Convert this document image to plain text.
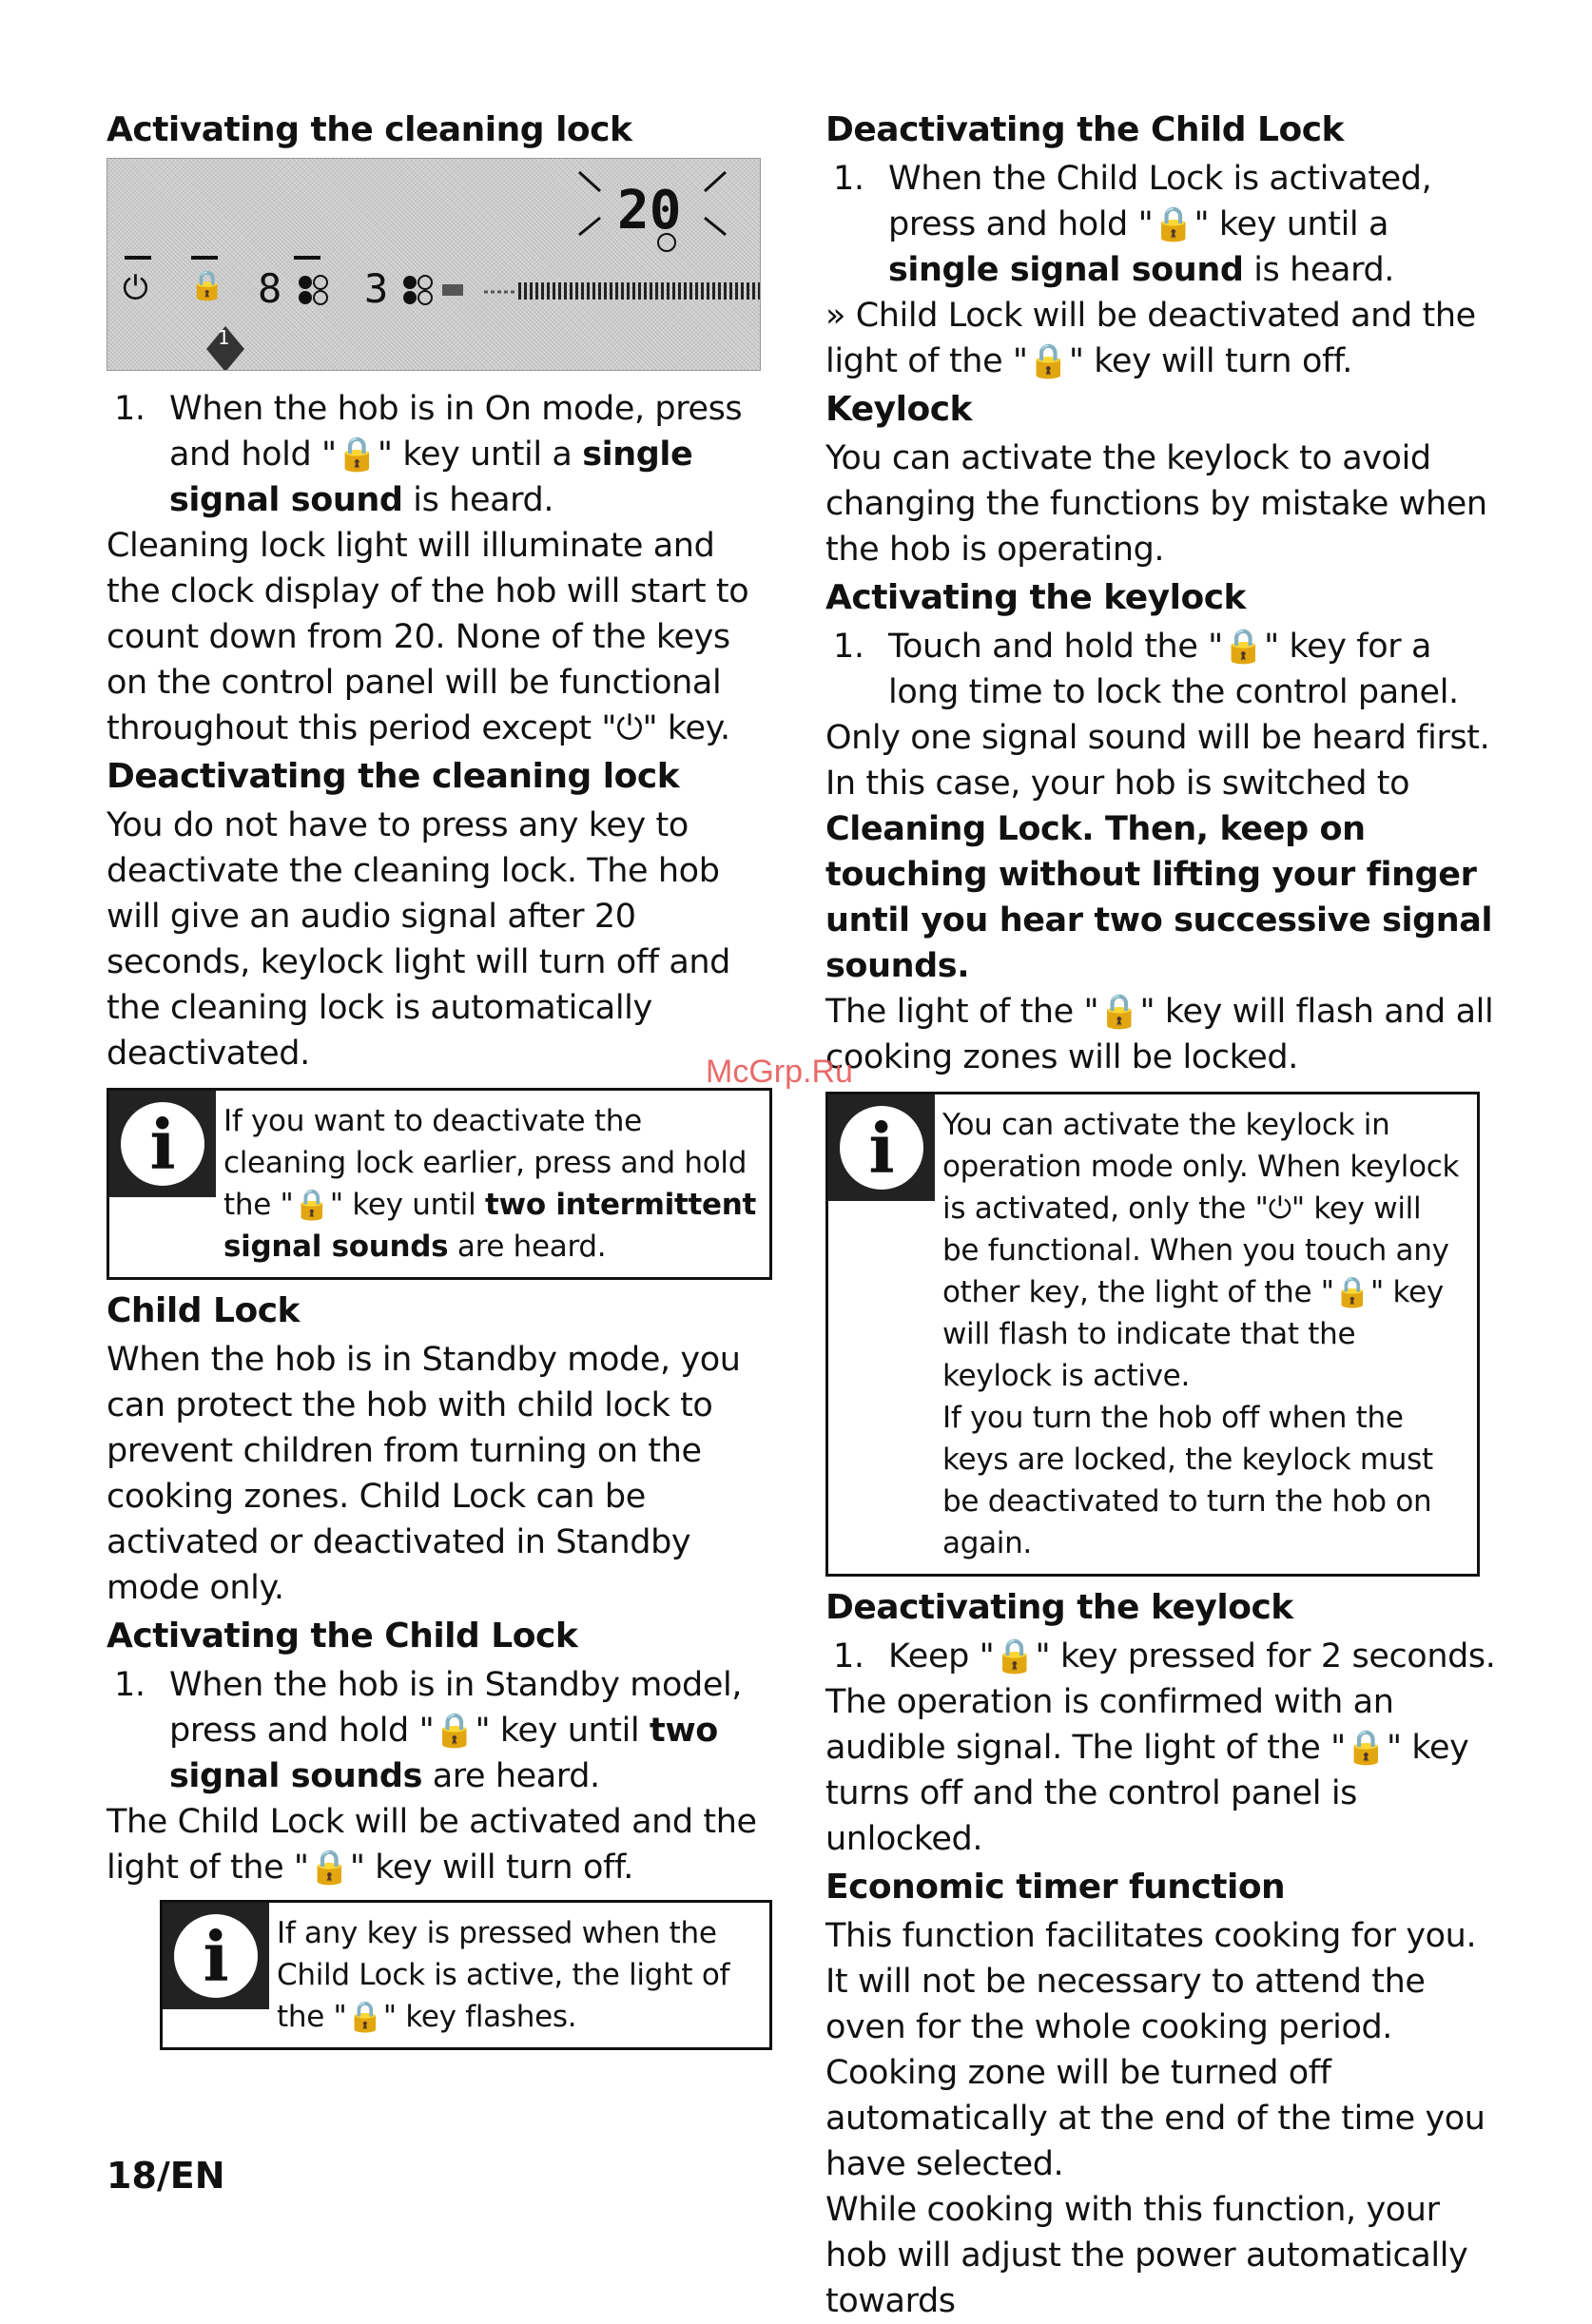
Activating the cleaning lock
20
⏻ 🔒 8 3
1
1. When the hob is in On mode, press and hold "🔒" key until a single signal sound is heard.

Cleaning lock light will illuminate and the clock display of the hob will start to count down from 20. None of the keys on the control panel will be functional throughout this period except "⏻" key.

Deactivating the cleaning lock

You do not have to press any key to deactivate the cleaning lock. The hob will give an audio signal after 20 seconds, keylock light will turn off and the cleaning lock is automatically deactivated.

i	If you want to deactivate the cleaning lock earlier, press and hold the "🔒" key until two intermittent signal sounds are heard.
Child Lock

When the hob is in Standby mode, you can protect the hob with child lock to prevent children from turning on the cooking zones. Child Lock can be activated or deactivated in Standby mode only.

Activating the Child Lock
1. When the hob is in Standby model, press and hold "🔒" key until two signal sounds are heard.

The Child Lock will be activated and the light of the "🔒" key will turn off.

i	If any key is pressed when the Child Lock is active, the light of the "🔒" key flashes.
Deactivating the Child Lock
1. When the Child Lock is activated, press and hold "🔒" key until a single signal sound is heard.

» Child Lock will be deactivated and the light of the "🔒" key will turn off.

Keylock

You can activate the keylock to avoid changing the functions by mistake when the hob is operating.

Activating the keylock
1. Touch and hold the "🔒" key for a long time to lock the control panel.

Only one signal sound will be heard first. In this case, your hob is switched to Cleaning Lock. Then, keep on touching without lifting your finger until you hear two successive signal sounds.

The light of the "🔒" key will flash and all cooking zones will be locked.

i	You can activate the keylock in operation mode only. When keylock is activated, only the "⏻" key will be functional. When you touch any other key, the light of the "🔒" key will flash to indicate that the keylock is active.
If you turn the hob off when the keys are locked, the keylock must be deactivated to turn the hob on again.
Deactivating the keylock
1. Keep "🔒" key pressed for 2 seconds.

The operation is confirmed with an audible signal. The light of the "🔒" key turns off and the control panel is unlocked.

Economic timer function

This function facilitates cooking for you. It will not be necessary to attend the oven for the whole cooking period. Cooking zone will be turned off automatically at the end of the time you have selected.

While cooking with this function, your hob will adjust the power automatically towards

McGrp.Ru
18/EN
